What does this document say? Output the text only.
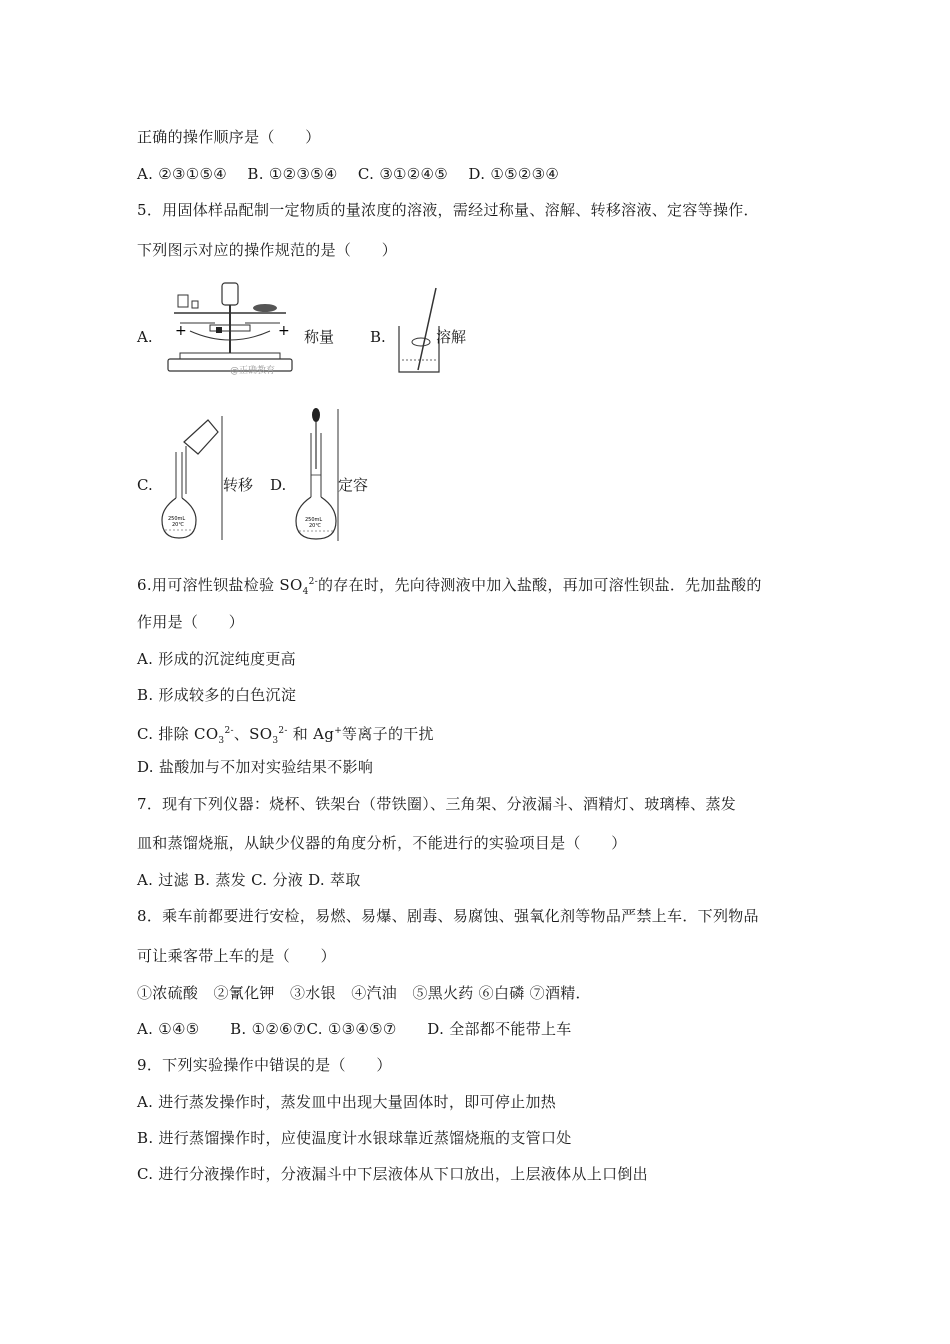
正确的操作顺序是（　　）
A. ②③①⑤④　 B. ①②③⑤④　 C. ③①②④⑤　 D. ①⑤②③④
5．用固体样品配制一定物质的量浓度的溶液，需经过称量、溶解、转移溶液、定容等操作．
下列图示对应的操作规范的是（　　）
A. +	+
@正确教育
称量 B.	溶解
C.
250mL
20℃
转移 D.
250mL
20℃
定容
6.用可溶性钡盐检验 $SO_4^{2-}$的存在时，先向待测液中加入盐酸，再加可溶性钡盐．先加盐酸的
作用是（　　）
A. 形成的沉淀纯度更高
B. 形成较多的白色沉淀
C. 排除 $CO_3^{2-}$、$SO_3^{2-}$ 和 Ag+等离子的干扰
D. 盐酸加与不加对实验结果不影响
7．现有下列仪器：烧杯、铁架台（带铁圈）、三角架、分液漏斗、酒精灯、玻璃棒、蒸发
皿和蒸馏烧瓶，从缺少仪器的角度分析，不能进行的实验项目是（　　）
A. 过滤 B. 蒸发 C. 分液 D. 萃取
8．乘车前都要进行安检，易燃、易爆、剧毒、易腐蚀、强氧化剂等物品严禁上车．下列物品
可让乘客带上车的是（　　）
①浓硫酸　②氰化钾　③水银　④汽油　⑤黑火药 ⑥白磷 ⑦酒精．
A. ①④⑤　　B. ①②⑥⑦C. ①③④⑤⑦　　D. 全部都不能带上车
9．下列实验操作中错误的是（　　）
A. 进行蒸发操作时，蒸发皿中出现大量固体时，即可停止加热
B. 进行蒸馏操作时，应使温度计水银球靠近蒸馏烧瓶的支管口处
C. 进行分液操作时，分液漏斗中下层液体从下口放出，上层液体从上口倒出
